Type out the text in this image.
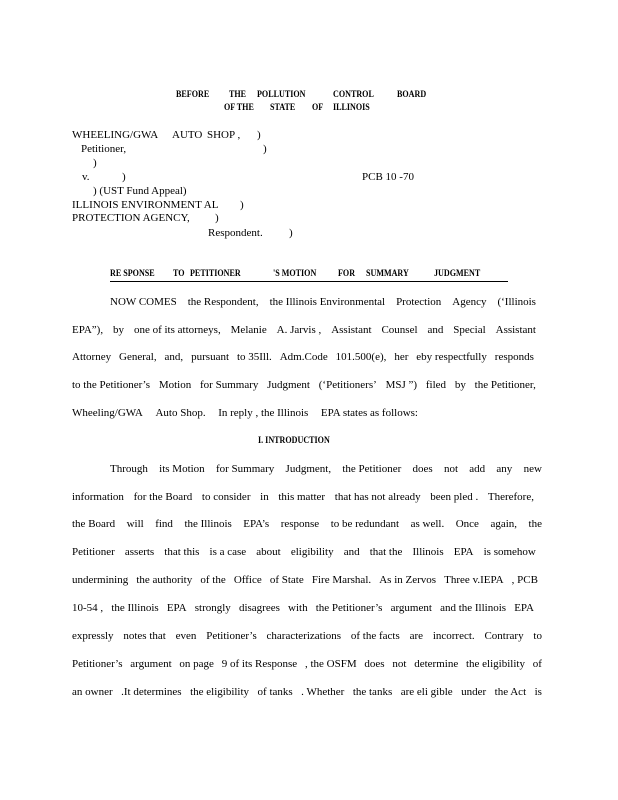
BEFORE THE POLLUTION	CONTROL BOARD
OF THE STATE OF ILLINOIS
WHEELING/GWA AUTO SHOP , )
Petitioner,	)
)
v.	)	PCB 10 -70
) (UST Fund Appeal)
ILLINOIS ENVIRONMENT AL )
PROTECTION AGENCY, )
Respondent. )
RE SPONSE TO PETITIONER	'S MOTION FOR SUMMARY	JUDGMENT
NOW COMES the Respondent, the Illinois Environmental Protection Agency (‘Illinois
EPA”), by one of its attorneys, Melanie A. Jarvis , Assistant Counsel and Special Assistant
Attorney General, and, pursuant to 35Ill. Adm.Code 101.500(e), her eby respectfully responds
to the Petitioner’s Motion for Summary Judgment (‘Petitioners’ MSJ ”) filed by the Petitioner,
Wheeling/GWA Auto Shop. In reply , the Illinois EPA states as follows:
I. INTRODUCTION
Through its Motion for Summary Judgment, the Petitioner does not add any new
information for the Board to consider in this matter that has not already been pled . Therefore,
the Board will find the Illinois EPA’s response to be redundant as well. Once again, the
Petitioner asserts that this is a case about eligibility and that the Illinois EPA is somehow
undermining the authority of the Office of State Fire Marshal. As in Zervos Three v.IEPA , PCB
10-54 , the Illinois EPA strongly disagrees with the Petitioner’s argument and the Illinois EPA
expressly notes that even Petitioner’s characterizations of the facts are incorrect. Contrary to
Petitioner’s argument on page 9 of its Response , the OSFM does not determine the eligibility of
an owner .It determines the eligibility of tanks . Whether the tanks are eli gible under the Act is
